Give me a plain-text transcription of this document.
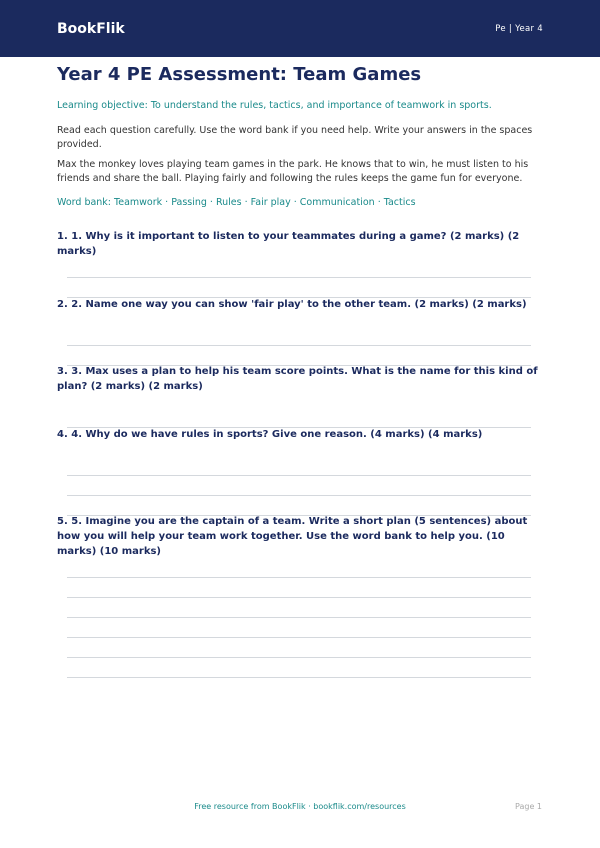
BookFlik	Pe | Year 4
Year 4 PE Assessment: Team Games
Learning objective: To understand the rules, tactics, and importance of teamwork in sports.
Read each question carefully. Use the word bank if you need help. Write your answers in the spaces provided.
Max the monkey loves playing team games in the park. He knows that to win, he must listen to his friends and share the ball. Playing fairly and following the rules keeps the game fun for everyone.
Word bank: Teamwork · Passing · Rules · Fair play · Communication · Tactics
1. 1. Why is it important to listen to your teammates during a game? (2 marks) (2 marks)
2. 2. Name one way you can show 'fair play' to the other team. (2 marks) (2 marks)
3. 3. Max uses a plan to help his team score points. What is the name for this kind of plan? (2 marks) (2 marks)
4. 4. Why do we have rules in sports? Give one reason. (4 marks) (4 marks)
5. 5. Imagine you are the captain of a team. Write a short plan (5 sentences) about how you will help your team work together. Use the word bank to help you. (10 marks) (10 marks)
Free resource from BookFlik · bookflik.com/resources	Page 1
